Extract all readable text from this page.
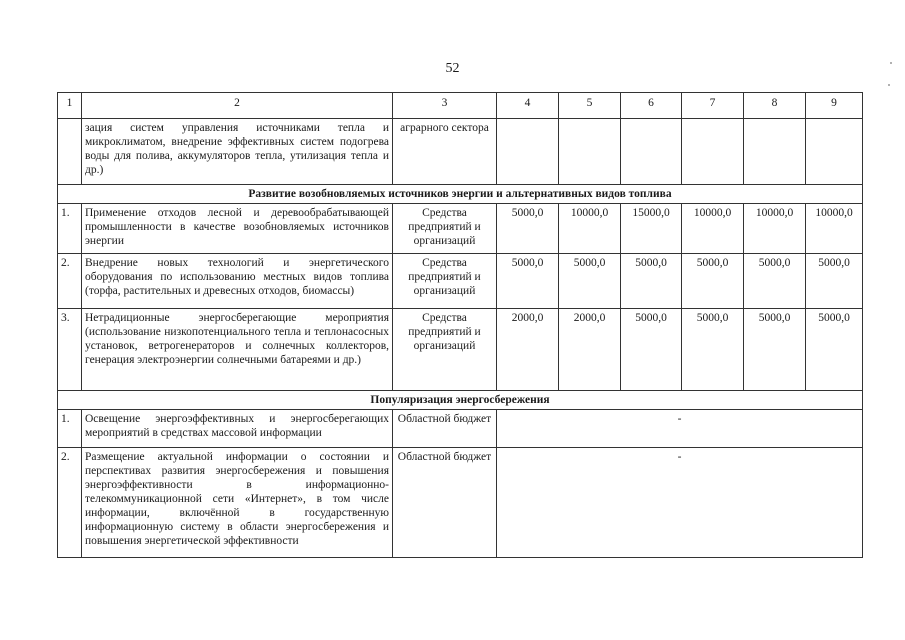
52
1	2	3	4	5	6	7	8	9
	зация систем управления источниками тепла и микроклиматом, внедрение эффективных систем подогрева воды для полива, аккумуляторов тепла, утилизация тепла и др.)	аграрного сектора						
Развитие возобновляемых источников энергии и альтернативных видов топлива								
1.	Применение отходов лесной и деревообрабатывающей промышленности в качестве возобновляемых источников энергии	Средства предприятий и организаций	5000,0	10000,0	15000,0	10000,0	10000,0	10000,0
2.	Внедрение новых технологий и энергетического оборудования по использованию местных видов топлива (торфа, растительных и древесных отходов, биомассы)	Средства предприятий и организаций	5000,0	5000,0	5000,0	5000,0	5000,0	5000,0
3.	Нетрадиционные энергосберегающие мероприятия (использование низкопотенциального тепла и теплонасосных установок, ветрогенераторов и солнечных коллекторов, генерация электроэнергии солнечными батареями и др.)	Средства предприятий и организаций	2000,0	2000,0	5000,0	5000,0	5000,0	5000,0
Популяризация энергосбережения								
1.	Освещение энергоэффективных и энергосберегающих мероприятий в средствах массовой информации	Областной бюджет	-					
2.	Размещение актуальной информации о состоянии и перспективах развития энергосбережения и повышения энергоэффективности в информационно-телекоммуникационной сети «Интернет», в том числе информации, включённой в государственную информационную систему в области энергосбережения и повышения энергетической эффективности	Областной бюджет	-					
